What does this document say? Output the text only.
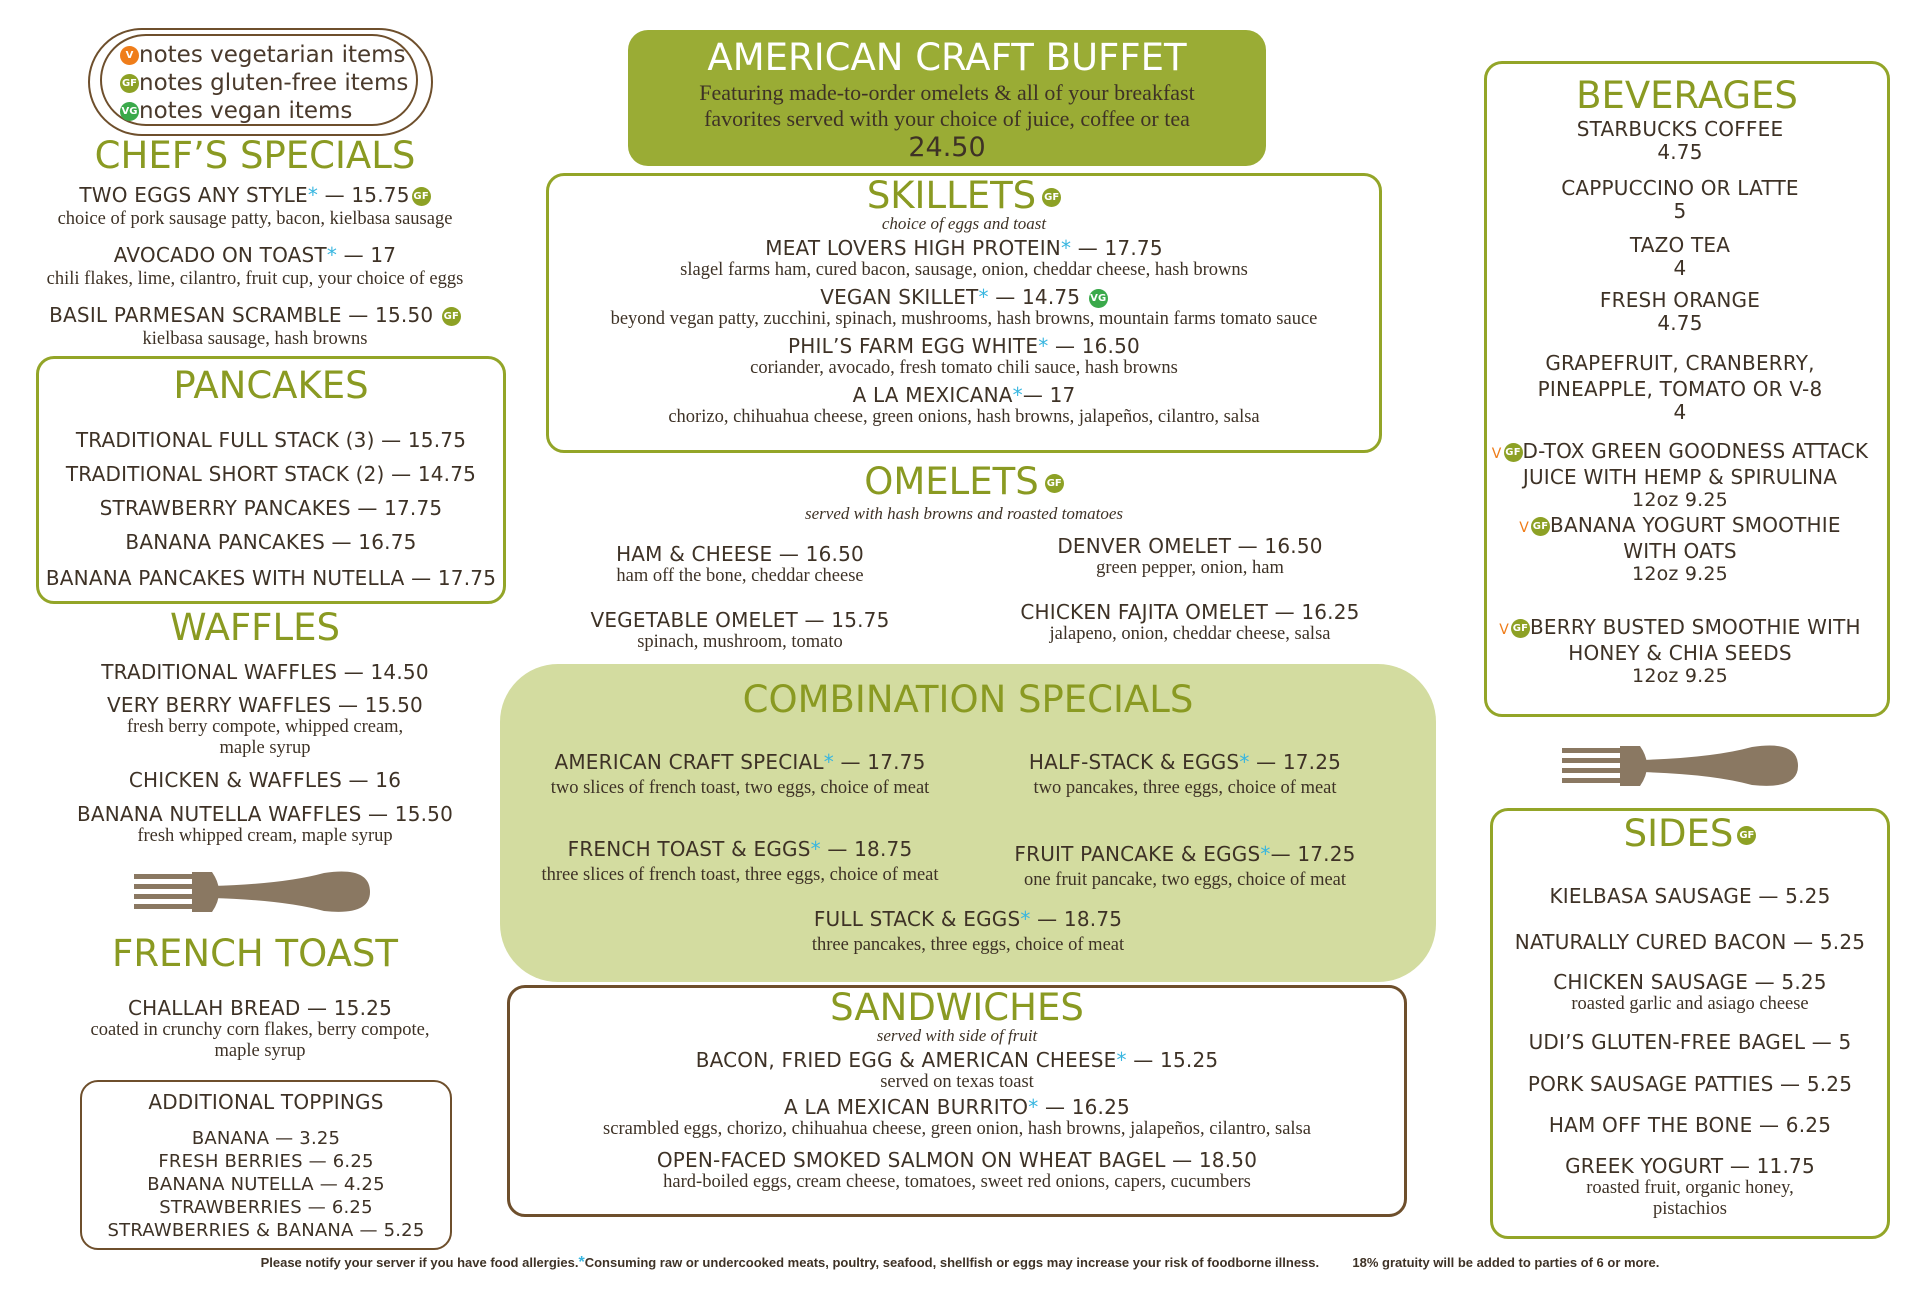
V notes vegetarian items
GFnotes gluten-free items
VGnotes vegan items
CHEF’S SPECIALS
TWO EGGS ANY STYLE* — 15.75 GF
choice of pork sausage patty, bacon, kielbasa sausage
AVOCADO ON TOAST* — 17
chili flakes, lime, cilantro, fruit cup, your choice of eggs
BASIL PARMESAN SCRAMBLE — 15.50 GF
kielbasa sausage, hash browns
PANCAKES
TRADITIONAL FULL STACK (3) — 15.75
TRADITIONAL SHORT STACK (2) — 14.75
STRAWBERRY PANCAKES — 17.75
BANANA PANCAKES — 16.75
BANANA PANCAKES WITH NUTELLA — 17.75
WAFFLES
TRADITIONAL WAFFLES — 14.50
VERY BERRY WAFFLES — 15.50
fresh berry compote, whipped cream,
maple syrup
CHICKEN & WAFFLES — 16
BANANA NUTELLA WAFFLES — 15.50
fresh whipped cream, maple syrup
FRENCH TOAST
CHALLAH BREAD — 15.25
coated in crunchy corn flakes, berry compote,
maple syrup
ADDITIONAL TOPPINGS
BANANA — 3.25
FRESH BERRIES — 6.25
BANANA NUTELLA — 4.25
STRAWBERRIES — 6.25
STRAWBERRIES & BANANA — 5.25
AMERICAN CRAFT BUFFET
Featuring made-to-order omelets & all of your breakfast
favorites served with your choice of juice, coffee or tea
24.50
SKILLETS GF
choice of eggs and toast
MEAT LOVERS HIGH PROTEIN* — 17.75
slagel farms ham, cured bacon, sausage, onion, cheddar cheese, hash browns
VEGAN SKILLET* — 14.75 VG
beyond vegan patty, zucchini, spinach, mushrooms, hash browns, mountain farms tomato sauce
PHIL’S FARM EGG WHITE* — 16.50
coriander, avocado, fresh tomato chili sauce, hash browns
A LA MEXICANA*— 17
chorizo, chihuahua cheese, green onions, hash browns, jalapeños, cilantro, salsa
OMELETS GF
served with hash browns and roasted tomatoes
HAM & CHEESE — 16.50
ham off the bone, cheddar cheese
DENVER OMELET — 16.50
green pepper, onion, ham
VEGETABLE OMELET — 15.75
spinach, mushroom, tomato
CHICKEN FAJITA OMELET — 16.25
jalapeno, onion, cheddar cheese, salsa
COMBINATION SPECIALS
AMERICAN CRAFT SPECIAL* — 17.75
two slices of french toast, two eggs, choice of meat
HALF-STACK & EGGS* — 17.25
two pancakes, three eggs, choice of meat
FRENCH TOAST & EGGS* — 18.75
three slices of french toast, three eggs, choice of meat
FRUIT PANCAKE & EGGS*— 17.25
one fruit pancake, two eggs, choice of meat
FULL STACK & EGGS* — 18.75
three pancakes, three eggs, choice of meat
SANDWICHES
served with side of fruit
BACON, FRIED EGG & AMERICAN CHEESE* — 15.25
served on texas toast
A LA MEXICAN BURRITO* — 16.25
scrambled eggs, chorizo, chihuahua cheese, green onion, hash browns, jalapeños, cilantro, salsa
OPEN-FACED SMOKED SALMON ON WHEAT BAGEL — 18.50
hard-boiled eggs, cream cheese, tomatoes, sweet red onions, capers, cucumbers
BEVERAGES
STARBUCKS COFFEE
4.75
CAPPUCCINO OR LATTE
5
TAZO TEA
4
FRESH ORANGE
4.75
GRAPEFRUIT, CRANBERRY,
PINEAPPLE, TOMATO OR V-8
4
V GFD-TOX GREEN GOODNESS ATTACK
JUICE WITH HEMP & SPIRULINA
12oz 9.25
V GFBANANA YOGURT SMOOTHIE
WITH OATS
12oz 9.25
V GFBERRY BUSTED SMOOTHIE WITH
HONEY & CHIA SEEDS
12oz 9.25
SIDES GF
KIELBASA SAUSAGE — 5.25
NATURALLY CURED BACON — 5.25
CHICKEN SAUSAGE — 5.25
roasted garlic and asiago cheese
UDI’S GLUTEN-FREE BAGEL — 5
PORK SAUSAGE PATTIES — 5.25
HAM OFF THE BONE — 6.25
GREEK YOGURT — 11.75
roasted fruit, organic honey,
pistachios
Please notify your server if you have food allergies.*Consuming raw or undercooked meats, poultry, seafood, shellfish or eggs may increase your risk of foodborne illness.	18% gratuity will be added to parties of 6 or more.
